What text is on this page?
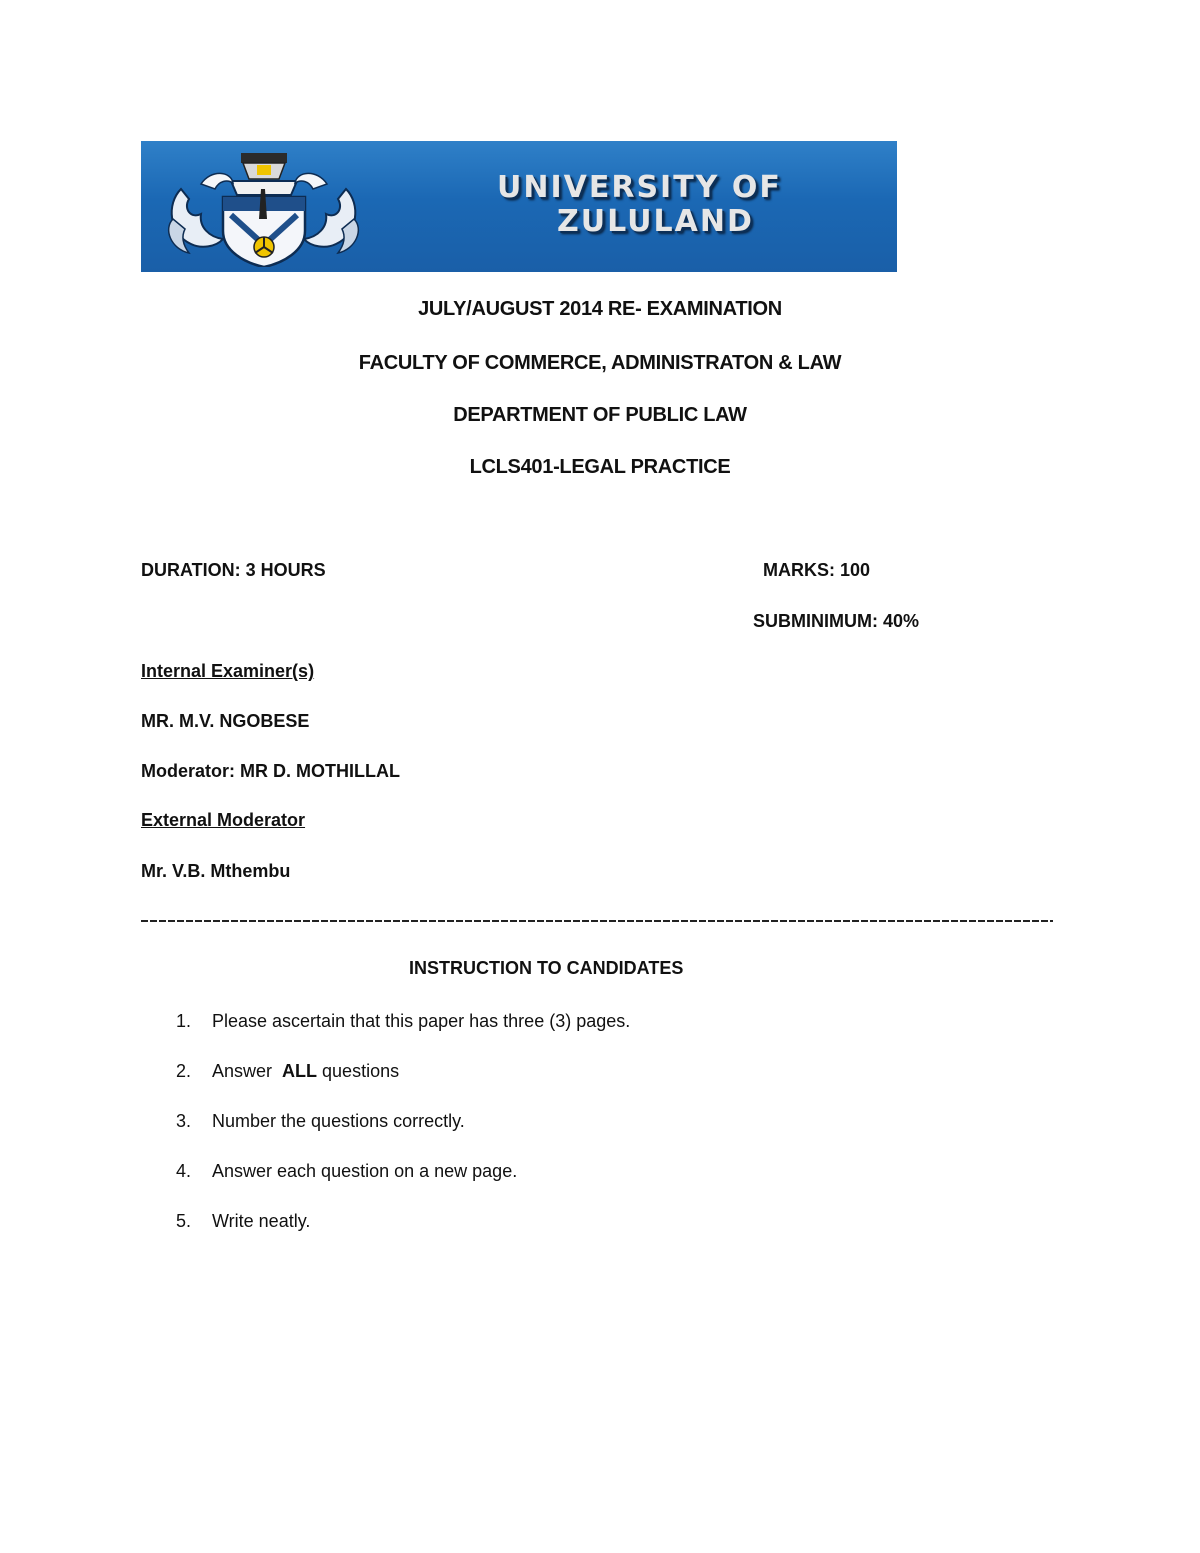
UNIVERSITY OF
ZULULAND
JULY/AUGUST 2014 RE- EXAMINATION
FACULTY OF COMMERCE, ADMINISTRATON & LAW
DEPARTMENT OF PUBLIC LAW
LCLS401-LEGAL PRACTICE
DURATION: 3 HOURS	MARKS: 100
SUBMINIMUM: 40%
Internal Examiner(s)
MR. M.V. NGOBESE
Moderator: MR D. MOTHILLAL
External Moderator
Mr. V.B. Mthembu
INSTRUCTION TO CANDIDATES
1. Please ascertain that this paper has three (3) pages.
2. Answer  ALL questions
3. Number the questions correctly.
4. Answer each question on a new page.
5. Write neatly.
